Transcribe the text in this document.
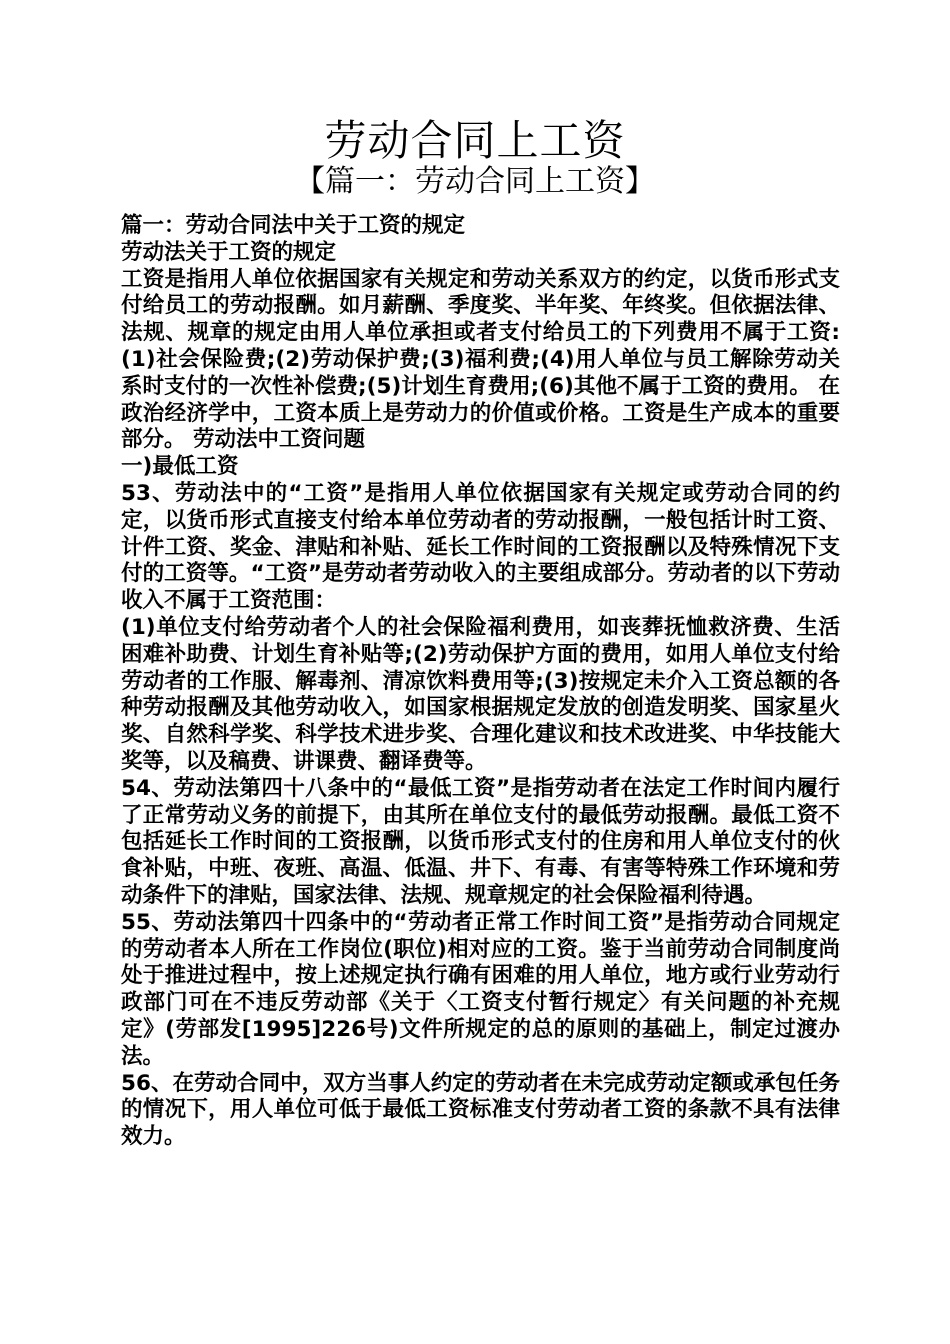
劳动合同上工资
【篇一：劳动合同上工资】

篇一：劳动合同法中关于工资的规定

劳动法关于工资的规定

工资是指用人单位依据国家有关规定和劳动关系双方的约定，以货币形式支付给员工的劳动报酬。如月薪酬、季度奖、半年奖、年终奖。但依据法律、法规、规章的规定由用人单位承担或者支付给员工的下列费用不属于工资:(1)社会保险费;(2)劳动保护费;(3)福利费;(4)用人单位与员工解除劳动关系时支付的一次性补偿费;(5)计划生育费用;(6)其他不属于工资的费用。 在政治经济学中，工资本质上是劳动力的价值或价格。工资是生产成本的重要部分。 劳动法中工资问题

一)最低工资

53、劳动法中的“工资”是指用人单位依据国家有关规定或劳动合同的约定，以货币形式直接支付给本单位劳动者的劳动报酬，一般包括计时工资、计件工资、奖金、津贴和补贴、延长工作时间的工资报酬以及特殊情况下支付的工资等。“工资”是劳动者劳动收入的主要组成部分。劳动者的以下劳动收入不属于工资范围：

(1)单位支付给劳动者个人的社会保险福利费用，如丧葬抚恤救济费、生活困难补助费、计划生育补贴等;(2)劳动保护方面的费用，如用人单位支付给劳动者的工作服、解毒剂、清凉饮料费用等;(3)按规定未介入工资总额的各种劳动报酬及其他劳动收入，如国家根据规定发放的创造发明奖、国家星火奖、自然科学奖、科学技术进步奖、合理化建议和技术改进奖、中华技能大奖等，以及稿费、讲课费、翻译费等。

54、劳动法第四十八条中的“最低工资”是指劳动者在法定工作时间内履行了正常劳动义务的前提下，由其所在单位支付的最低劳动报酬。最低工资不包括延长工作时间的工资报酬，以货币形式支付的住房和用人单位支付的伙食补贴，中班、夜班、高温、低温、井下、有毒、有害等特殊工作环境和劳动条件下的津贴，国家法律、法规、规章规定的社会保险福利待遇。

55、劳动法第四十四条中的“劳动者正常工作时间工资”是指劳动合同规定的劳动者本人所在工作岗位(职位)相对应的工资。鉴于当前劳动合同制度尚处于推进过程中，按上述规定执行确有困难的用人单位，地方或行业劳动行政部门可在不违反劳动部《关于〈工资支付暂行规定〉有关问题的补充规定》(劳部发[1995]226号)文件所规定的总的原则的基础上，制定过渡办法。

56、在劳动合同中，双方当事人约定的劳动者在未完成劳动定额或承包任务的情况下，用人单位可低于最低工资标准支付劳动者工资的条款不具有法律效力。
